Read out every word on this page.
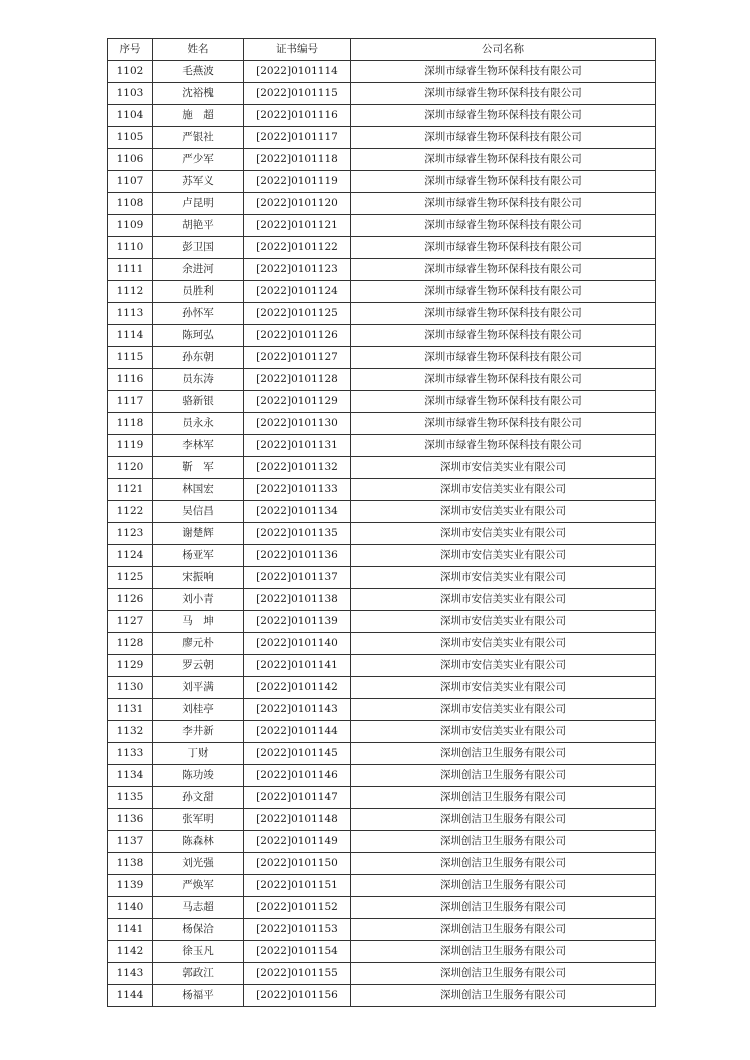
序号	姓名	证书编号	公司名称
1102	毛燕波	[2022]0101114	深圳市绿睿生物环保科技有限公司
1103	沈裕槐	[2022]0101115	深圳市绿睿生物环保科技有限公司
1104	施　超	[2022]0101116	深圳市绿睿生物环保科技有限公司
1105	严银社	[2022]0101117	深圳市绿睿生物环保科技有限公司
1106	严少军	[2022]0101118	深圳市绿睿生物环保科技有限公司
1107	苏军义	[2022]0101119	深圳市绿睿生物环保科技有限公司
1108	卢昆明	[2022]0101120	深圳市绿睿生物环保科技有限公司
1109	胡艳平	[2022]0101121	深圳市绿睿生物环保科技有限公司
1110	彭卫国	[2022]0101122	深圳市绿睿生物环保科技有限公司
1111	余进河	[2022]0101123	深圳市绿睿生物环保科技有限公司
1112	员胜利	[2022]0101124	深圳市绿睿生物环保科技有限公司
1113	孙怀军	[2022]0101125	深圳市绿睿生物环保科技有限公司
1114	陈珂弘	[2022]0101126	深圳市绿睿生物环保科技有限公司
1115	孙东朝	[2022]0101127	深圳市绿睿生物环保科技有限公司
1116	员东涛	[2022]0101128	深圳市绿睿生物环保科技有限公司
1117	骆新银	[2022]0101129	深圳市绿睿生物环保科技有限公司
1118	员永永	[2022]0101130	深圳市绿睿生物环保科技有限公司
1119	李林军	[2022]0101131	深圳市绿睿生物环保科技有限公司
1120	靳　军	[2022]0101132	深圳市安信美实业有限公司
1121	林国宏	[2022]0101133	深圳市安信美实业有限公司
1122	吴信昌	[2022]0101134	深圳市安信美实业有限公司
1123	谢楚辉	[2022]0101135	深圳市安信美实业有限公司
1124	杨亚军	[2022]0101136	深圳市安信美实业有限公司
1125	宋振响	[2022]0101137	深圳市安信美实业有限公司
1126	刘小青	[2022]0101138	深圳市安信美实业有限公司
1127	马　坤	[2022]0101139	深圳市安信美实业有限公司
1128	廖元朴	[2022]0101140	深圳市安信美实业有限公司
1129	罗云朝	[2022]0101141	深圳市安信美实业有限公司
1130	刘平满	[2022]0101142	深圳市安信美实业有限公司
1131	刘桂亭	[2022]0101143	深圳市安信美实业有限公司
1132	李井新	[2022]0101144	深圳市安信美实业有限公司
1133	丁财	[2022]0101145	深圳创洁卫生服务有限公司
1134	陈功竣	[2022]0101146	深圳创洁卫生服务有限公司
1135	孙文甜	[2022]0101147	深圳创洁卫生服务有限公司
1136	张军明	[2022]0101148	深圳创洁卫生服务有限公司
1137	陈森林	[2022]0101149	深圳创洁卫生服务有限公司
1138	刘光强	[2022]0101150	深圳创洁卫生服务有限公司
1139	严焕军	[2022]0101151	深圳创洁卫生服务有限公司
1140	马志超	[2022]0101152	深圳创洁卫生服务有限公司
1141	杨保洽	[2022]0101153	深圳创洁卫生服务有限公司
1142	徐玉凡	[2022]0101154	深圳创洁卫生服务有限公司
1143	郭政江	[2022]0101155	深圳创洁卫生服务有限公司
1144	杨福平	[2022]0101156	深圳创洁卫生服务有限公司
